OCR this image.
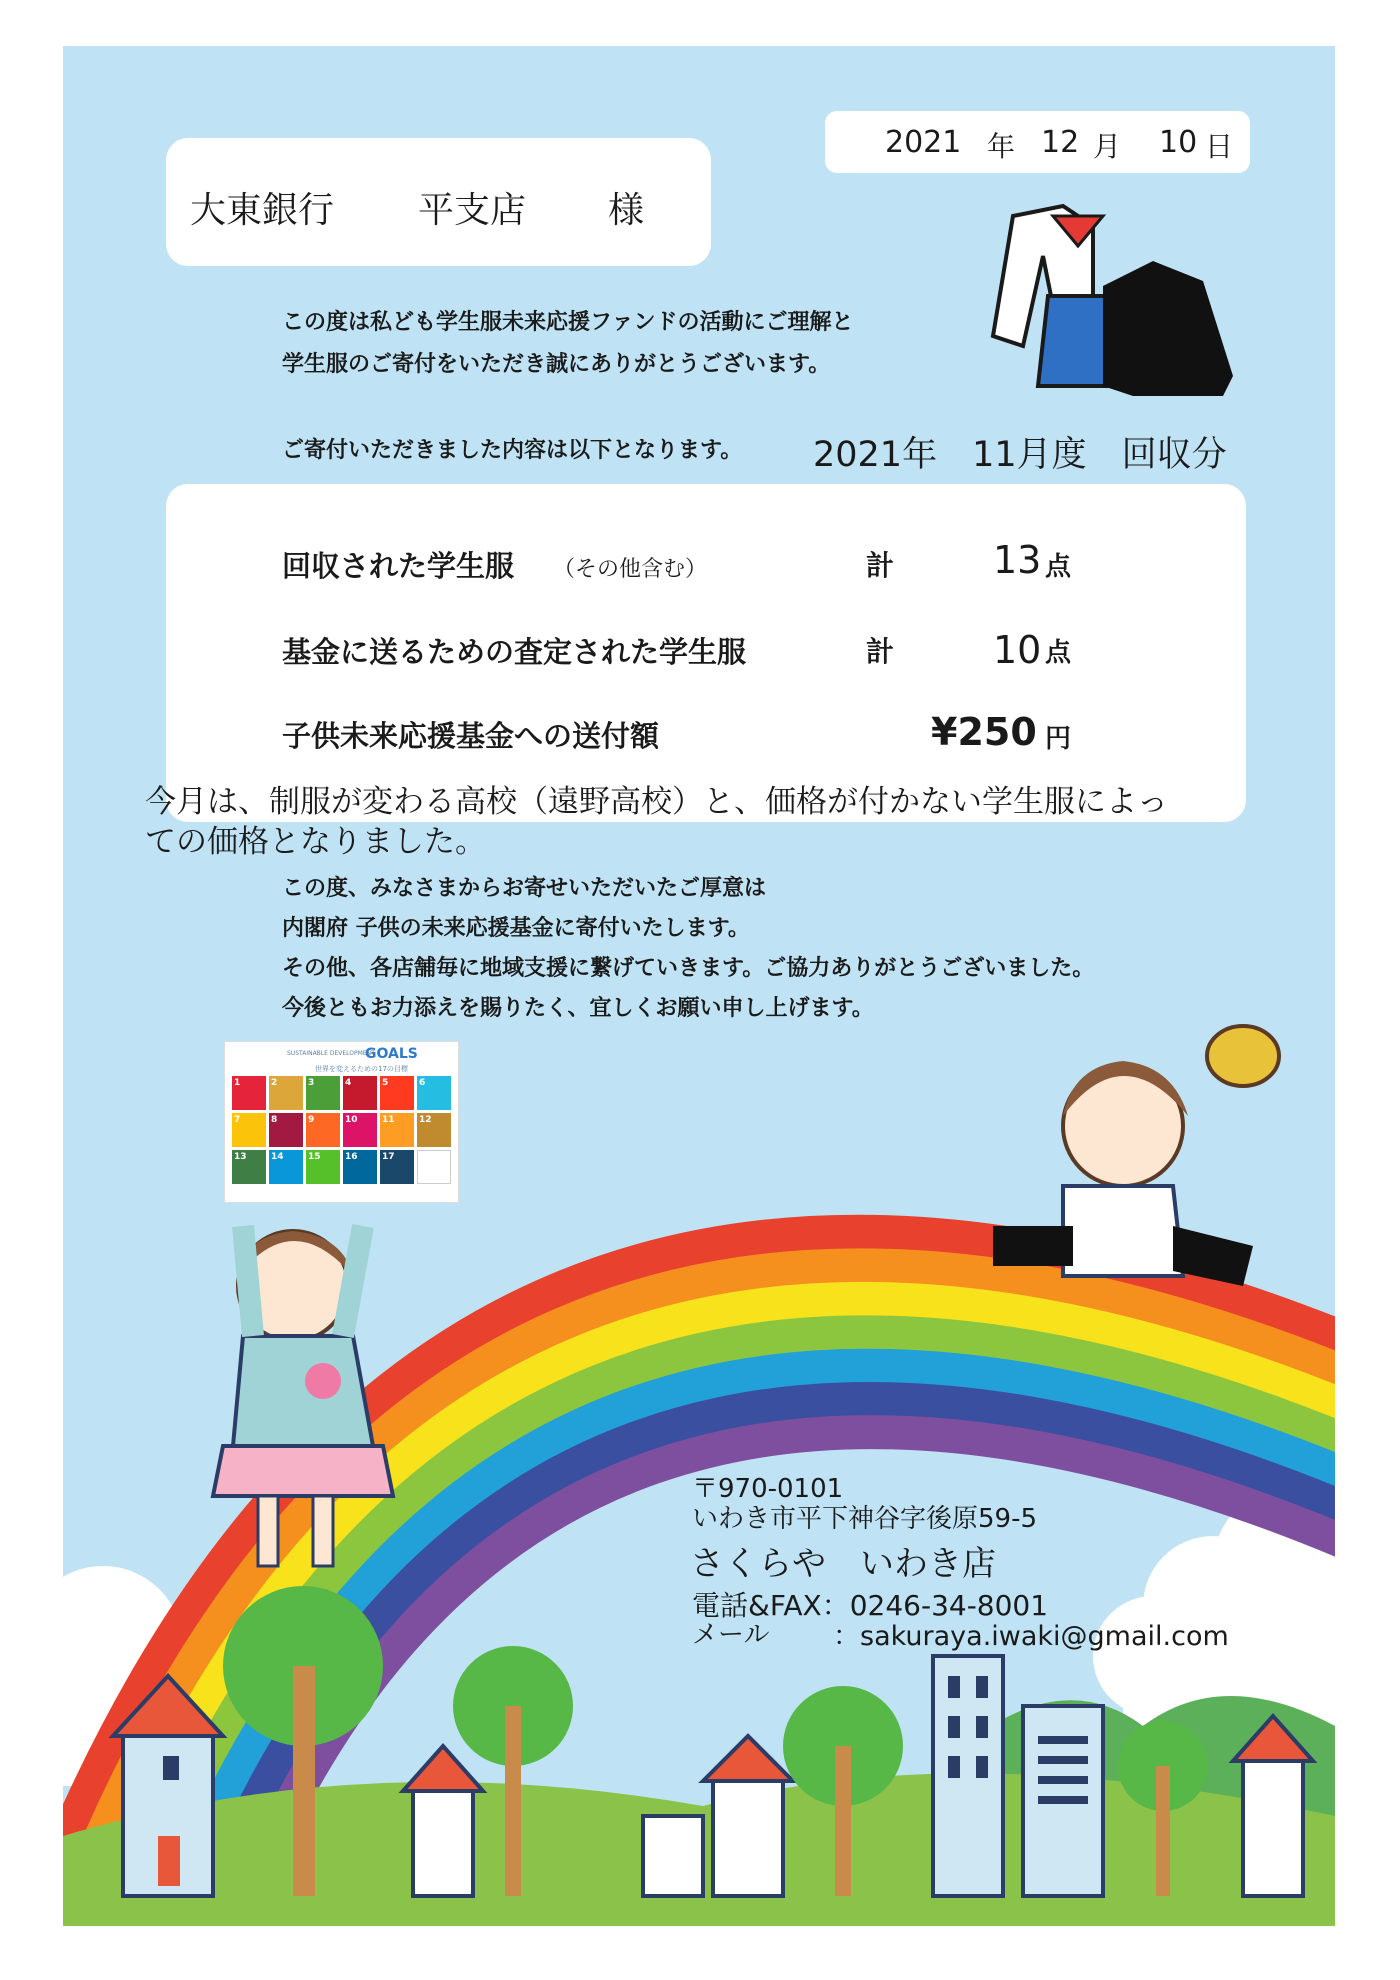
2021 年 12 月 10 日
大東銀行 平支店 様
この度は私ども学生服未来応援ファンドの活動にご理解と
学生服のご寄付をいただき誠にありがとうございます。
ご寄付いただきました内容は以下となります。 2021年　11月度　回収分
回収された学生服 （その他含む）	計	13 点
基金に送るための査定された学生服	計	10 点
子供未来応援基金への送付額	¥250 円
今月は、制服が変わる高校（遠野高校）と、価格が付かない学生服によっ
ての価格となりました。
この度、みなさまからお寄せいただいたご厚意は
内閣府 子供の未来応援基金に寄付いたします。
その他、各店舗毎に地域支援に繋げていきます。ご協力ありがとうございました。
今後ともお力添えを賜りたく、宜しくお願い申し上げます。
SUSTAINABLE DEVELOPMENT
GOALS
世界を変えるための17の目標
1	2	3	4	5	6
7	8	9	10	11	12
13	14	15	16	17
〒970-0101
いわき市平下神谷字後原59-5
さくらや　いわき店
電話&FAX：0246-34-8001
メール ：sakuraya.iwaki@gmail.com
